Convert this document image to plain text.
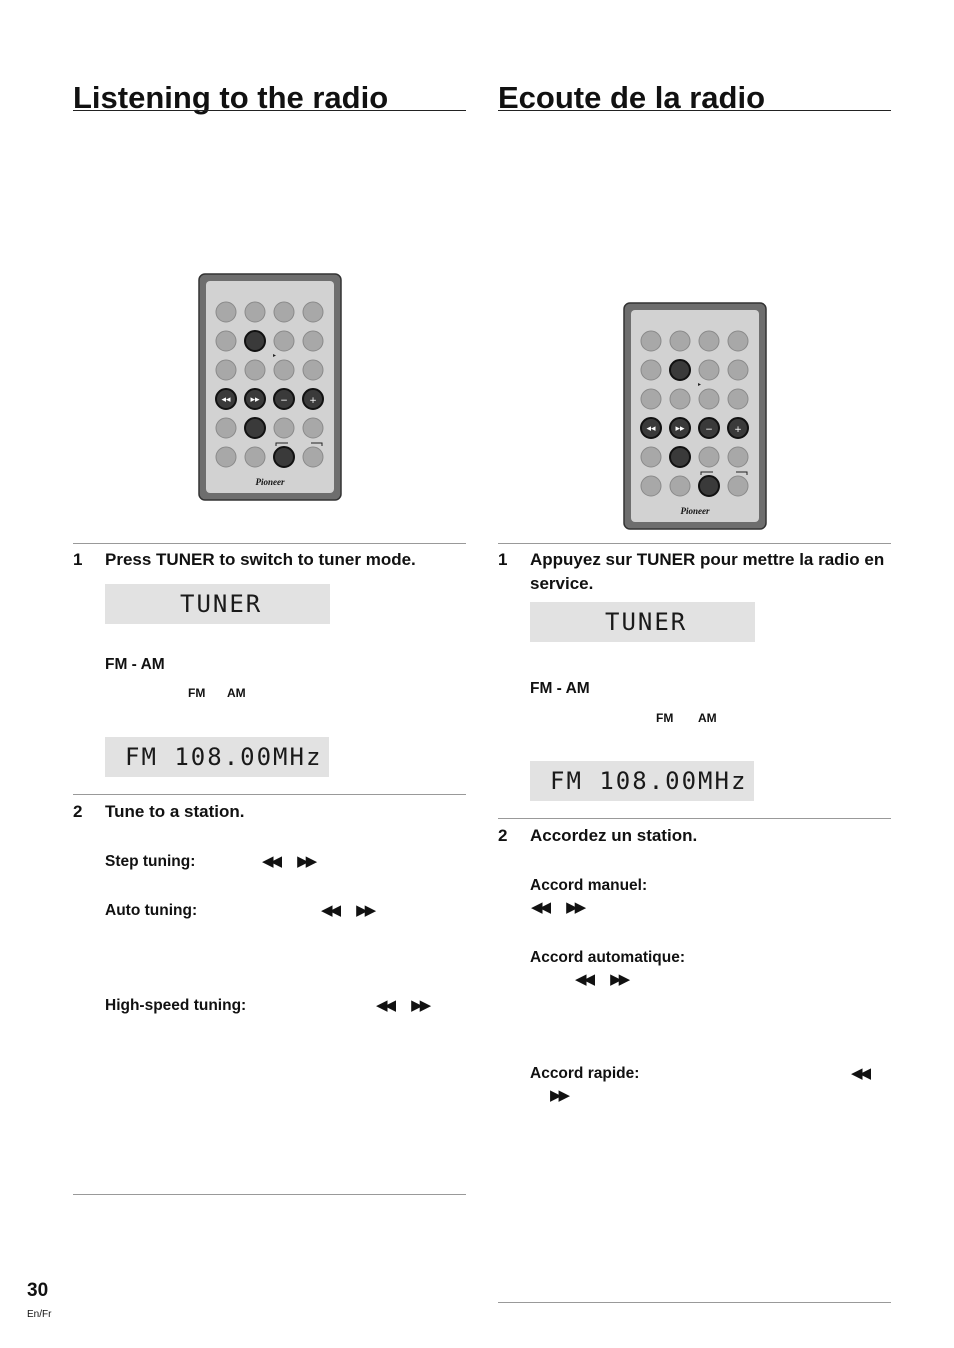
Listening to the radio
◂◂ ▸▸ − +
▸
Pioneer
1 Press TUNER to switch to tuner mode.
TUNER
FM - AM
FM AM
FM 108.00MHz
2 Tune to a station.
Step tuning:	◀◀ ▶▶
Auto tuning:	◀◀ ▶▶
High-speed tuning:	◀◀ ▶▶
Ecoute de la radio
◂◂ ▸▸ − +
▸
Pioneer
1 Appuyez sur TUNER pour mettre la radio en service.
TUNER
FM - AM
FM AM
FM 108.00MHz
2 Accordez un station.
Accord manuel:
◀◀ ▶▶
Accord automatique:
◀◀ ▶▶
Accord rapide:	◀◀
▶▶
30
En/Fr
